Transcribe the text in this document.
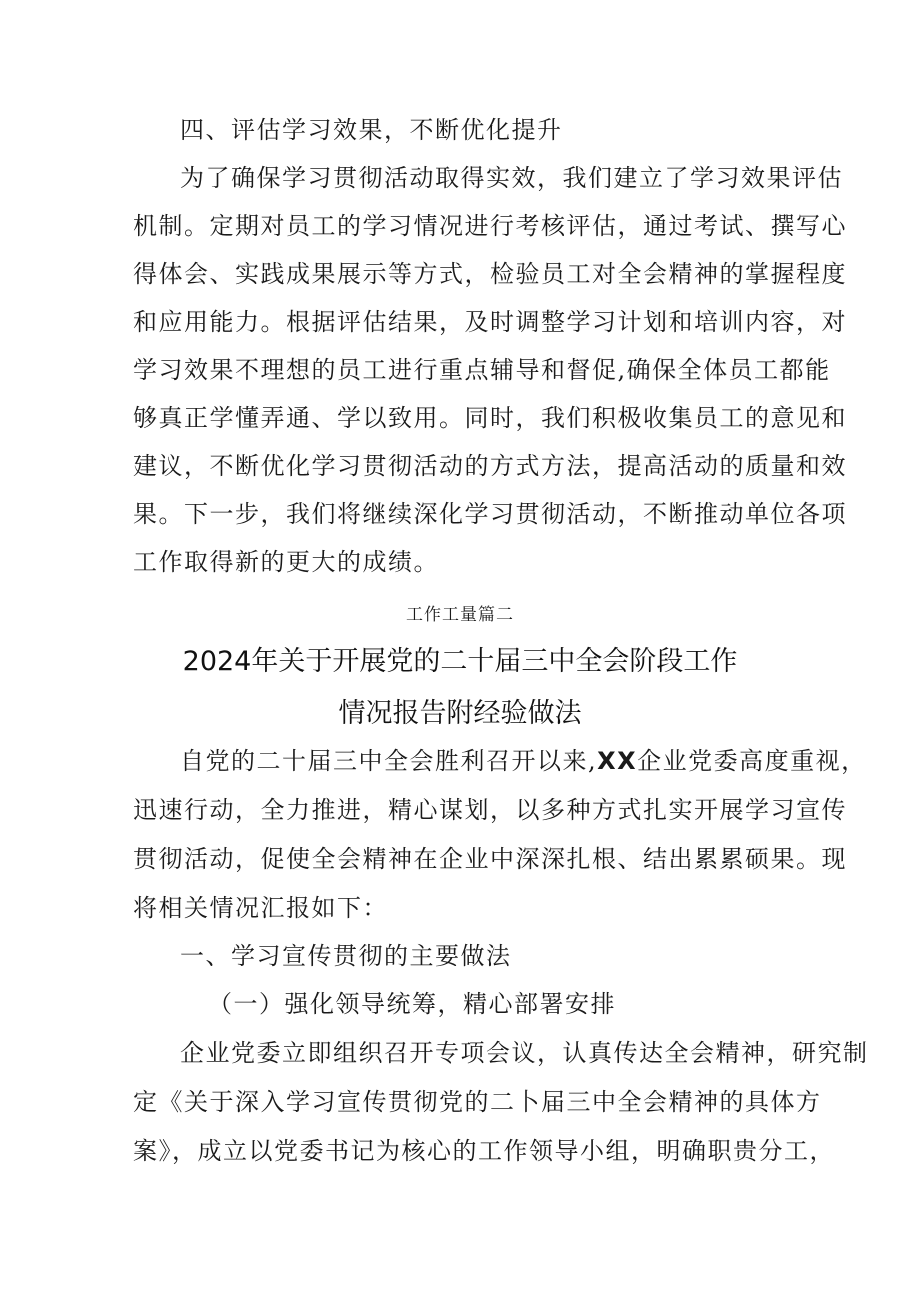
四、评估学习效果，不断优化提升
为了确保学习贯彻活动取得实效，我们建立了学习效果评估
机制。定期对员工的学习情况进行考核评估，通过考试、撰写心
得体会、实践成果展示等方式，检验员工对全会精神的掌握程度
和应用能力。根据评估结果，及时调整学习计划和培训内容，对
学习效果不理想的员工进行重点辅导和督促,确保全体员工都能
够真正学懂弄通、学以致用。同时，我们积极收集员工的意见和
建议，不断优化学习贯彻活动的方式方法，提高活动的质量和效
果。下一步，我们将继续深化学习贯彻活动，不断推动单位各项
工作取得新的更大的成绩。
工作工量篇二
2024年关于开展党的二十届三中全会阶段工作
情况报告附经验做法
自党的二十届三中全会胜利召开以来,XX企业党委高度重视，
迅速行动，全力推进，精心谋划，以多种方式扎实开展学习宣传
贯彻活动，促使全会精神在企业中深深扎根、结出累累硕果。现
将相关情况汇报如下：
一、学习宣传贯彻的主要做法
（一）强化领导统筹，精心部署安排
企业党委立即组织召开专项会议，认真传达全会精神，研究制
定《关于深入学习宣传贯彻党的二卜届三中全会精神的具体方
案》，成立以党委书记为核心的工作领导小组，明确职贵分工，
